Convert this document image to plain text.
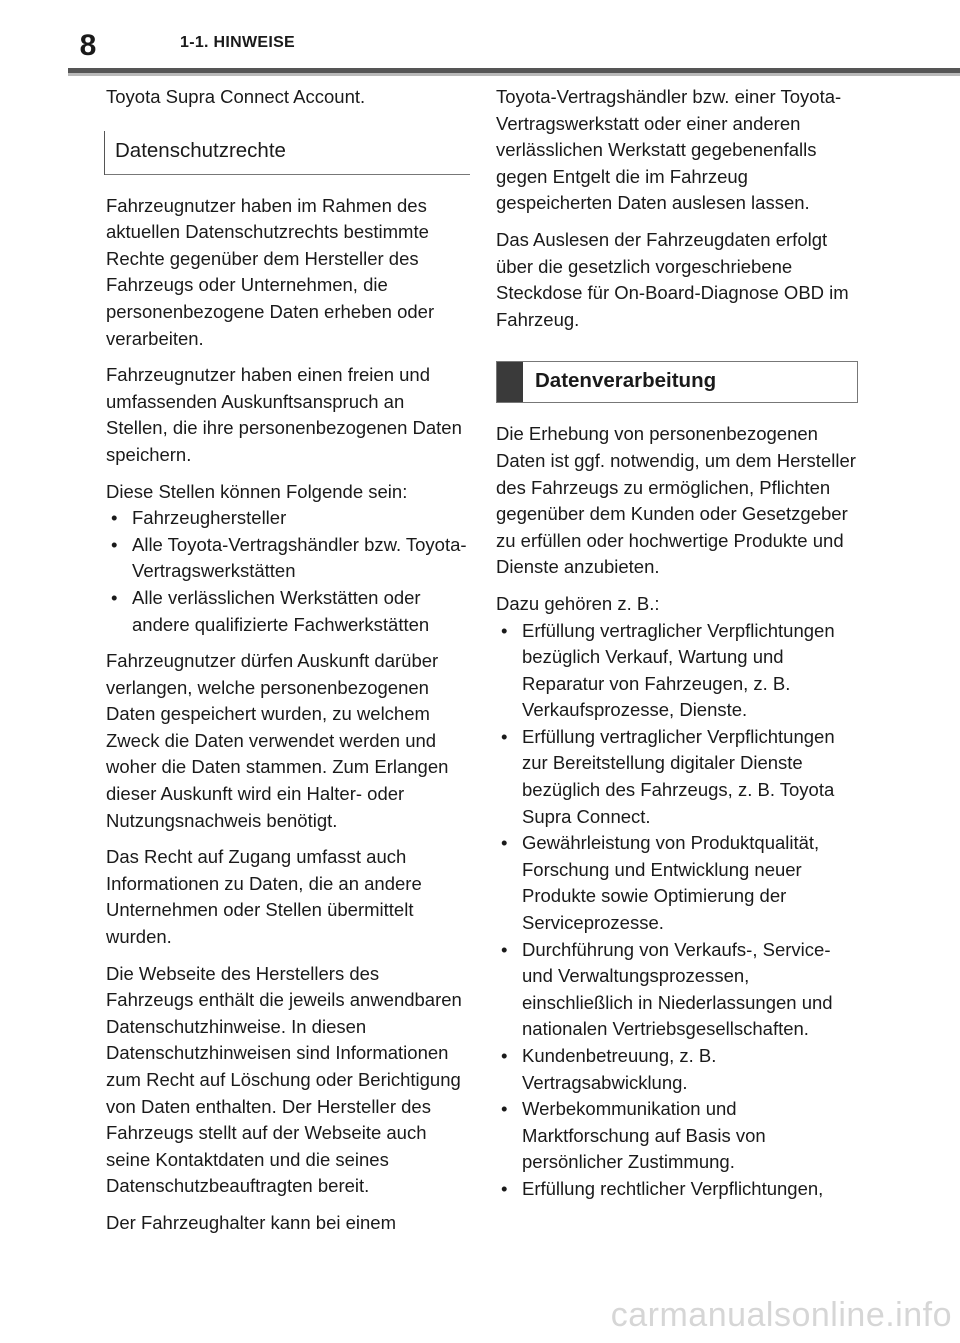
8	1-1. HINWEISE

Toyota Supra Connect Account.

Datenschutzrechte

Fahrzeugnutzer haben im Rahmen des aktuellen Datenschutzrechts bestimmte Rechte gegenüber dem Hersteller des Fahrzeugs oder Unternehmen, die personenbezogene Daten erheben oder verarbeiten.

Fahrzeugnutzer haben einen freien und umfassenden Auskunftsanspruch an Stellen, die ihre personenbezogenen Daten speichern.

Diese Stellen können Folgende sein:

• Fahrzeughersteller
• Alle Toyota-Vertragshändler bzw. Toyota-Vertragswerkstätten
• Alle verlässlichen Werkstätten oder andere qualifizierte Fachwerkstätten

Fahrzeugnutzer dürfen Auskunft darüber verlangen, welche personenbezogenen Daten gespeichert wurden, zu welchem Zweck die Daten verwendet werden und woher die Daten stammen. Zum Erlangen dieser Auskunft wird ein Halter- oder Nutzungsnachweis benötigt.

Das Recht auf Zugang umfasst auch Informationen zu Daten, die an andere Unternehmen oder Stellen übermittelt wurden.

Die Webseite des Herstellers des Fahrzeugs enthält die jeweils anwendbaren Datenschutzhinweise. In diesen Datenschutzhinweisen sind Informationen zum Recht auf Löschung oder Berichtigung von Daten enthalten. Der Hersteller des Fahrzeugs stellt auf der Webseite auch seine Kontaktdaten und die seines Datenschutzbeauftragten bereit.

Der Fahrzeughalter kann bei einem

Toyota-Vertragshändler bzw. einer Toyota-Vertragswerkstatt oder einer anderen verlässlichen Werkstatt gegebenenfalls gegen Entgelt die im Fahrzeug gespeicherten Daten auslesen lassen.

Das Auslesen der Fahrzeugdaten erfolgt über die gesetzlich vorgeschriebene Steckdose für On-Board-Diagnose OBD im Fahrzeug.

Datenverarbeitung

Die Erhebung von personenbezogenen Daten ist ggf. notwendig, um dem Hersteller des Fahrzeugs zu ermöglichen, Pflichten gegenüber dem Kunden oder Gesetzgeber zu erfüllen oder hochwertige Produkte und Dienste anzubieten.

Dazu gehören z. B.:

• Erfüllung vertraglicher Verpflichtungen bezüglich Verkauf, Wartung und Reparatur von Fahrzeugen, z. B. Verkaufsprozesse, Dienste.
• Erfüllung vertraglicher Verpflichtungen zur Bereitstellung digitaler Dienste bezüglich des Fahrzeugs, z. B. Toyota Supra Connect.
• Gewährleistung von Produktqualität, Forschung und Entwicklung neuer Produkte sowie Optimierung der Serviceprozesse.
• Durchführung von Verkaufs-, Service- und Verwaltungsprozessen, einschließlich in Niederlassungen und nationalen Vertriebsgesellschaften.
• Kundenbetreuung, z. B. Vertragsabwicklung.
• Werbekommunikation und Marktforschung auf Basis von persönlicher Zustimmung.
• Erfüllung rechtlicher Verpflichtungen,
carmanualsonline.info
